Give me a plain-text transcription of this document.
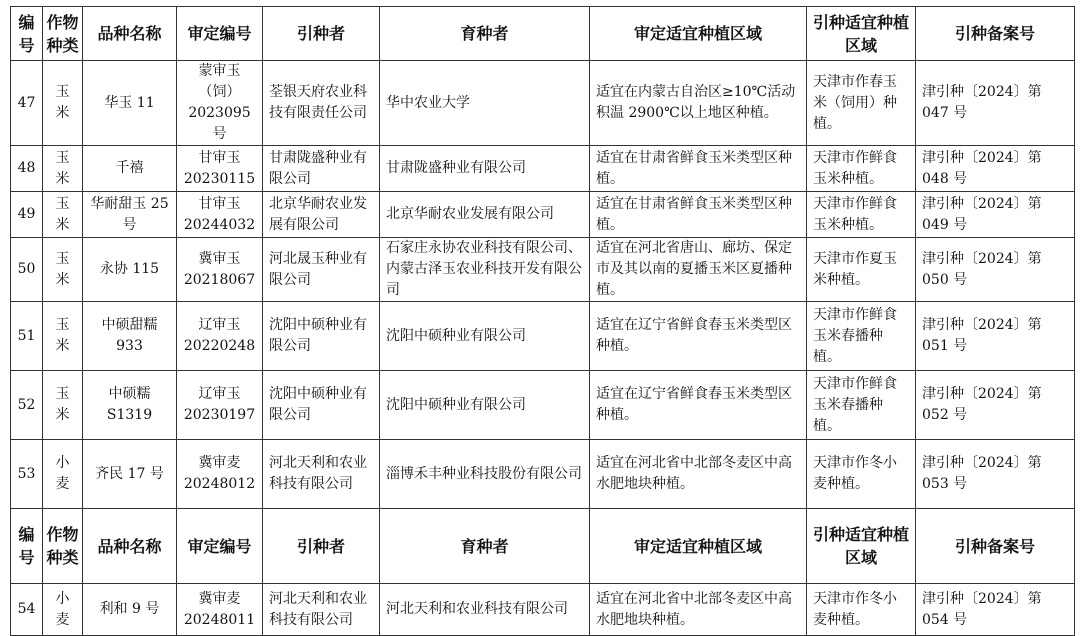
编号	作物种类	品种名称	审定编号	引种者	育种者	审定适宜种植区域	引种适宜种植区域	引种备案号
47	玉米	华玉 11	蒙审玉（饲）2023095 号	荃银天府农业科技有限责任公司	华中农业大学	适宜在内蒙古自治区≥10℃活动积温 2900℃以上地区种植。	天津市作春玉米（饲用）种植。	津引种〔2024〕第 047 号
48	玉米	千禧	甘审玉 20230115	甘肃陇盛种业有限公司	甘肃陇盛种业有限公司	适宜在甘肃省鲜食玉米类型区种植。	天津市作鲜食玉米种植。	津引种〔2024〕第 048 号
49	玉米	华耐甜玉 25 号	甘审玉 20244032	北京华耐农业发展有限公司	北京华耐农业发展有限公司	适宜在甘肃省鲜食玉米类型区种植。	天津市作鲜食玉米种植。	津引种〔2024〕第 049 号
50	玉米	永协 115	冀审玉 20218067	河北晟玉种业有限公司	石家庄永协农业科技有限公司、内蒙古泽玉农业科技开发有限公司	适宜在河北省唐山、廊坊、保定市及其以南的夏播玉米区夏播种植。	天津市作夏玉米种植。	津引种〔2024〕第 050 号
51	玉米	中硕甜糯 933	辽审玉 20220248	沈阳中硕种业有限公司	沈阳中硕种业有限公司	适宜在辽宁省鲜食春玉米类型区种植。	天津市作鲜食玉米春播种植。	津引种〔2024〕第 051 号
52	玉米	中硕糯 S1319	辽审玉 20230197	沈阳中硕种业有限公司	沈阳中硕种业有限公司	适宜在辽宁省鲜食春玉米类型区种植。	天津市作鲜食玉米春播种植。	津引种〔2024〕第 052 号
53	小麦	齐民 17 号	冀审麦 20248012	河北天利和农业科技有限公司	淄博禾丰种业科技股份有限公司	适宜在河北省中北部冬麦区中高水肥地块种植。	天津市作冬小麦种植。	津引种〔2024〕第 053 号
编号	作物种类	品种名称	审定编号	引种者	育种者	审定适宜种植区域	引种适宜种植区域	引种备案号
54	小麦	利和 9 号	冀审麦 20248011	河北天利和农业科技有限公司	河北天利和农业科技有限公司	适宜在河北省中北部冬麦区中高水肥地块种植。	天津市作冬小麦种植。	津引种〔2024〕第 054 号
